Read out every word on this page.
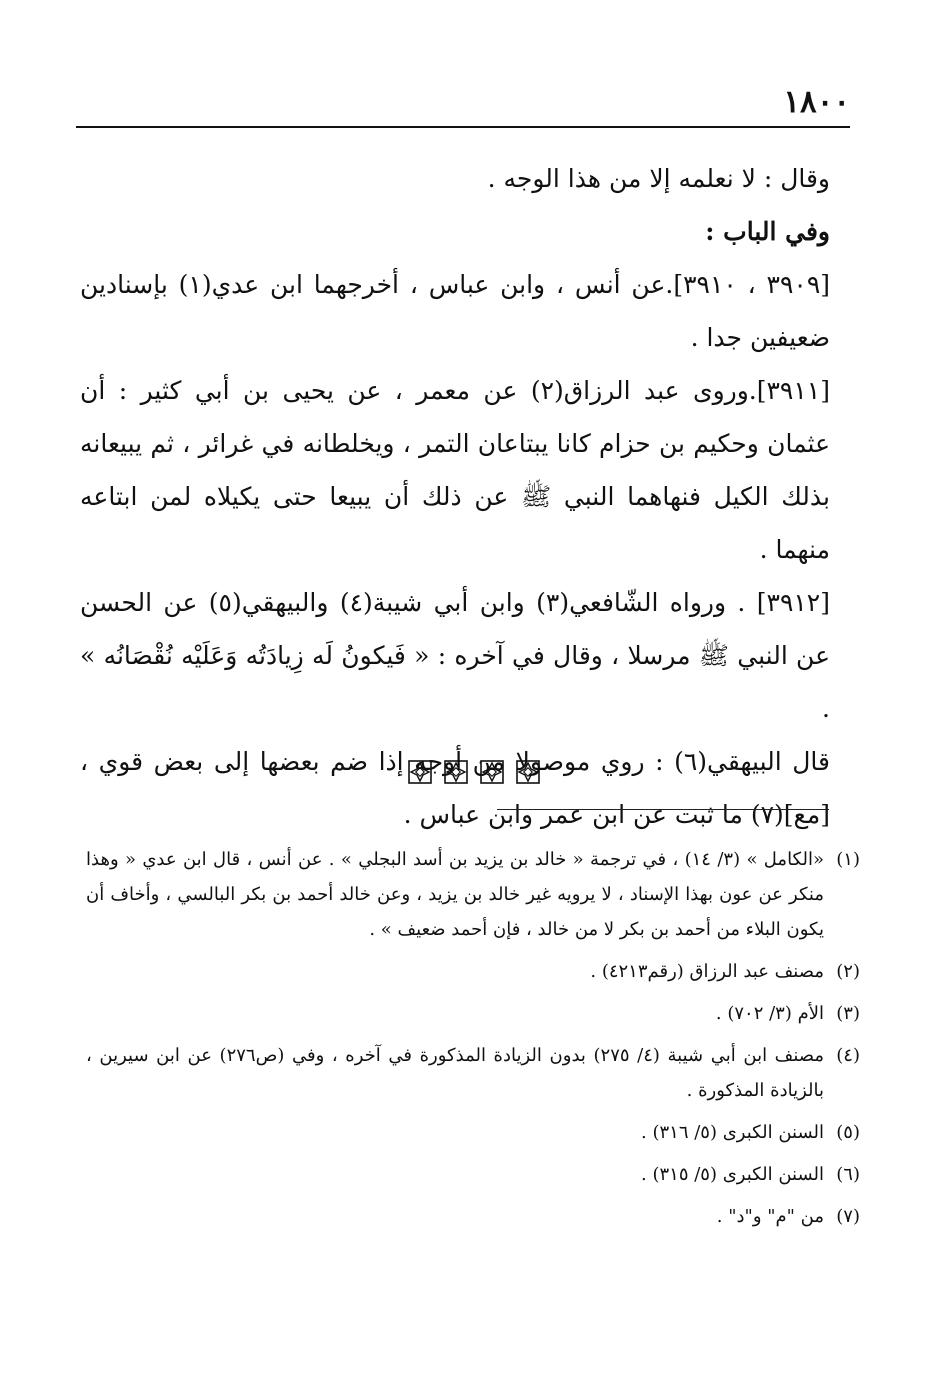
١٨٠٠

وقال : لا نعلمه إلا من هذا الوجه .

وفي الباب :

[٣٩٠٩ ، ٣٩١٠].عن أنس ، وابن عباس ، أخرجهما ابن عدي(١) بإسنادين ضعيفين جدا .

[٣٩١١].وروى عبد الرزاق(٢) عن معمر ، عن يحيى بن أبي كثير : أن عثمان وحكيم بن حزام كانا يبتاعان التمر ، ويخلطانه في غرائر ، ثم يبيعانه بذلك الكيل فنهاهما النبي ﷺ عن ذلك أن يبيعا حتى يكيلاه لمن ابتاعه منهما .

[٣٩١٢] . ورواه الشّافعي(٣) وابن أبي شيبة(٤) والبيهقي(٥) عن الحسن عن النبي ﷺ مرسلا ، وقال في آخره : « فَيكونُ لَه زِيادَتُه وَعَلَيْه نُقْصَانُه » .

قال البيهقي(٦) : روي موصولا من أوجه إذا ضم بعضها إلى بعض قوي ، [مع](٧) ما ثبت عن ابن عمر وابن عباس .

(١)
«الكامل » (٣/ ١٤) ، في ترجمة « خالد بن يزيد بن أسد البجلي » . عن أنس ، قال ابن عدي « وهذا منكر عن عون بهذا الإسناد ، لا يرويه غير خالد بن يزيد ، وعن خالد أحمد بن بكر البالسي ، وأخاف أن يكون البلاء من أحمد بن بكر لا من خالد ، فإن أحمد ضعيف » .
(٢)
مصنف عبد الرزاق (رقم٤٢١٣) .
(٣)
الأم (٣/ ٧٠٢) .
(٤)
مصنف ابن أبي شيبة (٤/ ٢٧٥) بدون الزيادة المذكورة في آخره ، وفي (ص٢٧٦) عن ابن سيرين ، بالزيادة المذكورة .
(٥)
السنن الكبرى (٥/ ٣١٦) .
(٦)
السنن الكبرى (٥/ ٣١٥) .
(٧)
من "م" و"د" .
